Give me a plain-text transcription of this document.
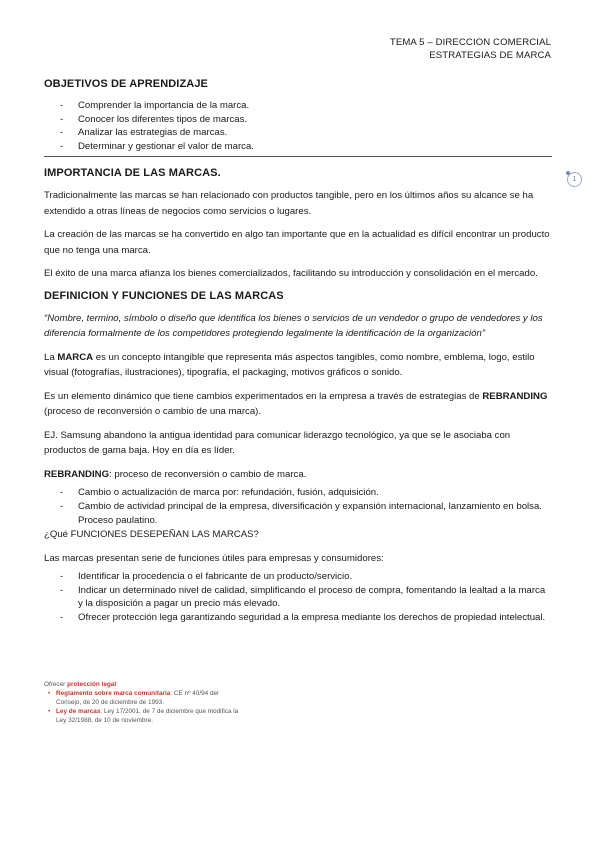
TEMA 5 – DIRECCION COMERCIAL
ESTRATEGIAS DE MARCA
1
OBJETIVOS DE APRENDIZAJE
- Comprender la importancia de la marca.
- Conocer los diferentes tipos de marcas.
- Analizar las estrategias de marcas.
- Determinar y gestionar el valor de marca.
IMPORTANCIA DE LAS MARCAS.

Tradicionalmente las marcas se han relacionado con productos tangible, pero en los últimos años su alcance se ha extendido a otras líneas de negocios como servicios o lugares.

La creación de las marcas se ha convertido en algo tan importante que en la actualidad es difícil encontrar un producto que no tenga una marca.

El éxito de una marca afianza los bienes comercializados, facilitando su introducción y consolidación en el mercado.

DEFINICION Y FUNCIONES DE LAS MARCAS

“Nombre, termino, símbolo o diseño que identifica los bienes o servicios de un vendedor o grupo de vendedores y los diferencia formalmente de los competidores protegiendo legalmente la identificación de la organización”

La MARCA es un concepto intangible que representa más aspectos tangibles, como nombre, emblema, logo, estilo visual (fotografías, ilustraciones), tipografía, el packaging, motivos gráficos o sonido.

Es un elemento dinámico que tiene cambios experimentados en la empresa a través de estrategias de REBRANDING (proceso de reconversión o cambio de una marca).

EJ. Samsung abandono la antigua identidad para comunicar liderazgo tecnológico, ya que se le asociaba con productos de gama baja. Hoy en día es líder.

REBRANDING: proceso de reconversión o cambio de marca.

- Cambio o actualización de marca por: refundación, fusión, adquisición.
- Cambio de actividad principal de la empresa, diversificación y expansión internacional, lanzamiento en bolsa. Proceso paulatino.

¿Qué FUNCIONES DESEPEÑAN LAS MARCAS?

Las marcas presentan serie de funciones útiles para empresas y consumidores:

- Identificar la procedencia o el fabricante de un producto/servicio.
- Indicar un determinado nivel de calidad, simplificando el proceso de compra, fomentando la lealtad a la marca y la disposición a pagar un precio más elevado.
- Ofrecer protección lega garantizando seguridad a la empresa mediante los derechos de propiedad intelectual.
Ofrecer protección legal:
• Reglamento sobre marca comunitaria: CE nº 40/94 del Consejo, de 20 de diciembre de 1993.
• Ley de marcas: Ley 17/2001, de 7 de diciembre que modifica la Ley 32/1988, de 10 de noviembre.
